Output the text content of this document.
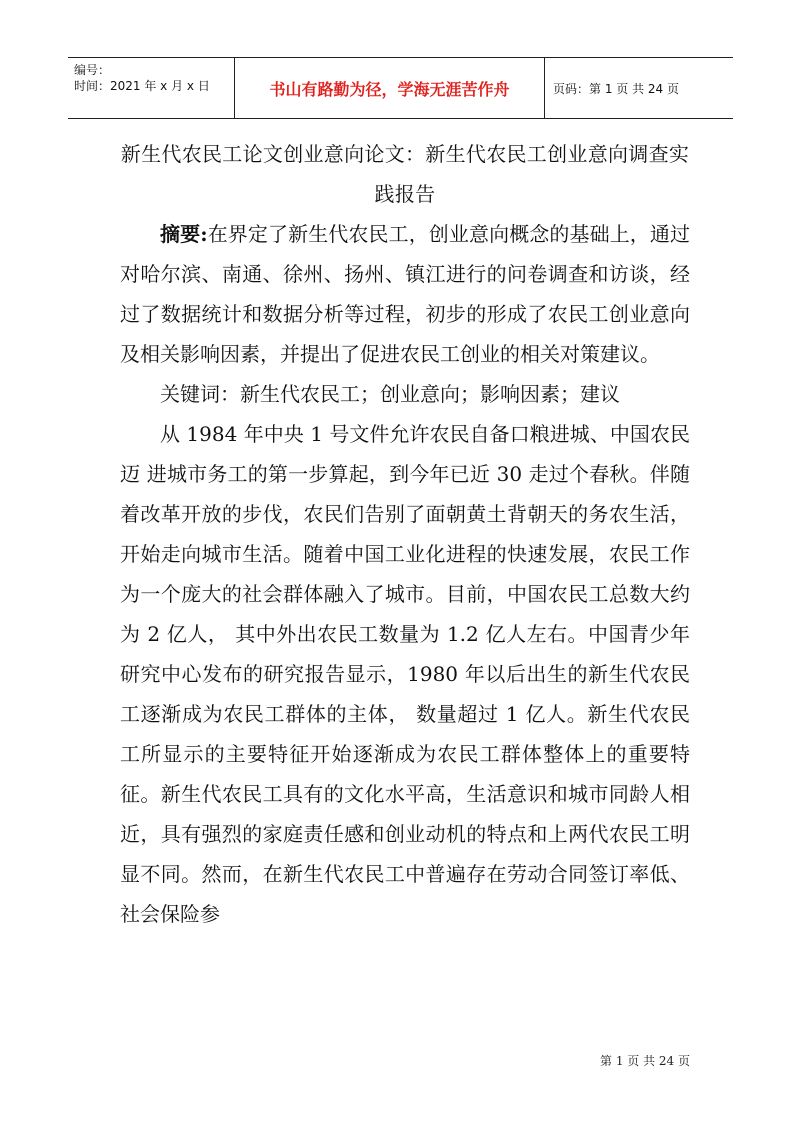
编号：
时间：2021 年 x 月 x 日	书山有路勤为径，学海无涯苦作舟	页码：第 1 页 共 24 页
新生代农民工论文创业意向论文：新生代农民工创业意向调查实践报告

摘要:在界定了新生代农民工，创业意向概念的基础上，通过对哈尔滨、南通、徐州、扬州、镇江进行的问卷调查和访谈，经过了数据统计和数据分析等过程，初步的形成了农民工创业意向及相关影响因素，并提出了促进农民工创业的相关对策建议。

关键词：新生代农民工；创业意向；影响因素；建议

从 1984 年中央 1 号文件允许农民自备口粮进城、中国农民迈 进城市务工的第一步算起，到今年已近 30 走过个春秋。伴随着改革开放的步伐，农民们告别了面朝黄土背朝天的务农生活，开始走向城市生活。随着中国工业化进程的快速发展，农民工作为一个庞大的社会群体融入了城市。目前，中国农民工总数大约为 2 亿人， 其中外出农民工数量为 1.2 亿人左右。中国青少年研究中心发布的研究报告显示，1980 年以后出生的新生代农民工逐渐成为农民工群体的主体， 数量超过 1 亿人。新生代农民工所显示的主要特征开始逐渐成为农民工群体整体上的重要特征。新生代农民工具有的文化水平高，生活意识和城市同龄人相近，具有强烈的家庭责任感和创业动机的特点和上两代农民工明显不同。然而，在新生代农民工中普遍存在劳动合同签订率低、社会保险参

第 1 页 共 24 页
